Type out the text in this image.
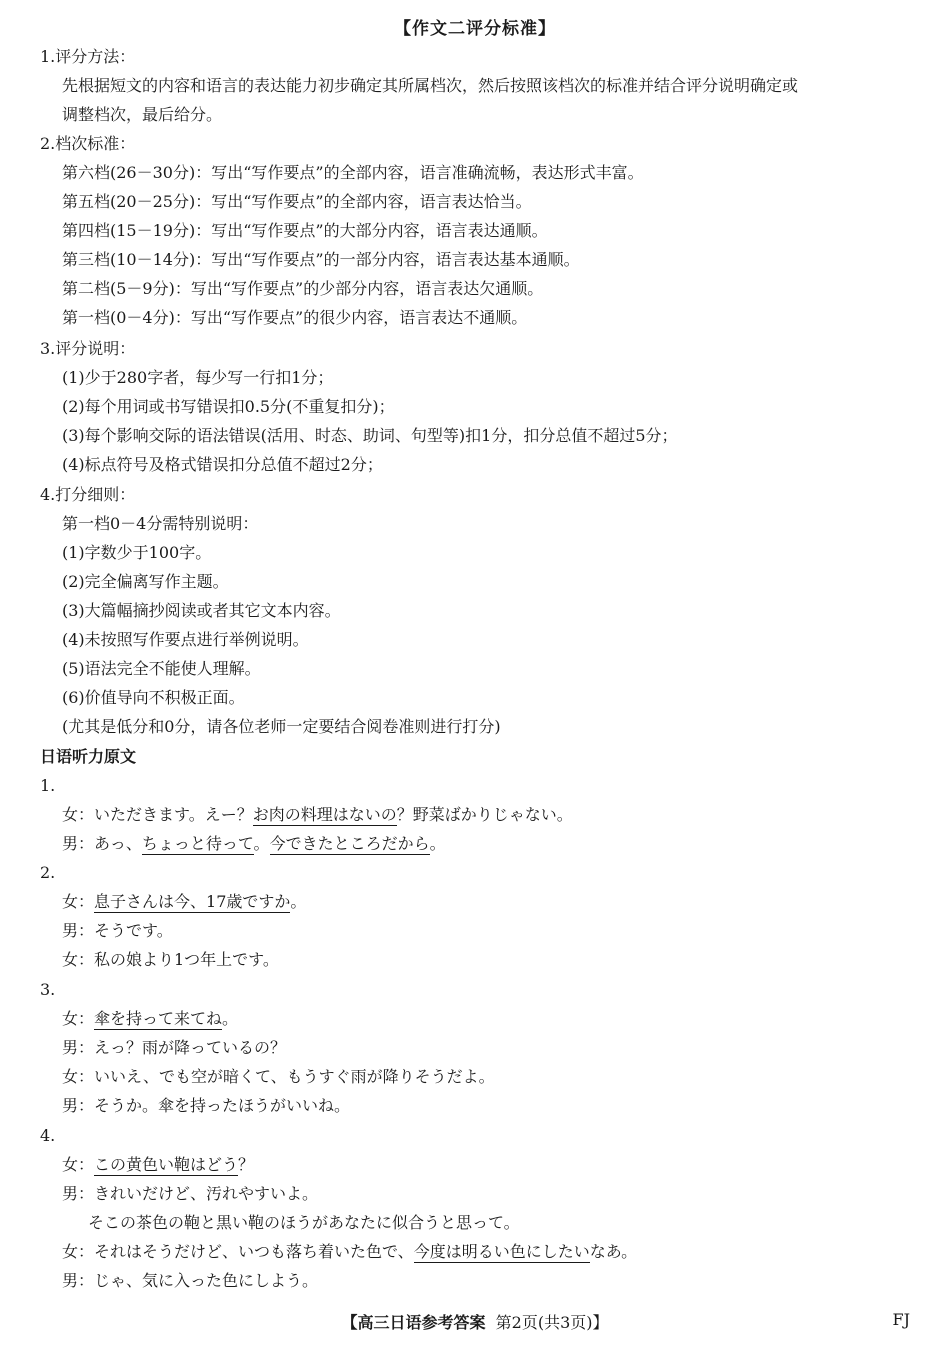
【作文二评分标准】
1.评分方法：
先根据短文的内容和语言的表达能力初步确定其所属档次，然后按照该档次的标准并结合评分说明确定或
调整档次，最后给分。
2.档次标准：
第六档(26－30分)：写出“写作要点”的全部内容，语言准确流畅，表达形式丰富。
第五档(20－25分)：写出“写作要点”的全部内容，语言表达恰当。
第四档(15－19分)：写出“写作要点”的大部分内容，语言表达通顺。
第三档(10－14分)：写出“写作要点”的一部分内容，语言表达基本通顺。
第二档(5－9分)：写出“写作要点”的少部分内容，语言表达欠通顺。
第一档(0－4分)：写出“写作要点”的很少内容，语言表达不通顺。
3.评分说明：
(1)少于280字者，每少写一行扣1分；
(2)每个用词或书写错误扣0.5分(不重复扣分)；
(3)每个影响交际的语法错误(活用、时态、助词、句型等)扣1分，扣分总值不超过5分；
(4)标点符号及格式错误扣分总值不超过2分；
4.打分细则：
第一档0－4分需特别说明：
(1)字数少于100字。
(2)完全偏离写作主题。
(3)大篇幅摘抄阅读或者其它文本内容。
(4)未按照写作要点进行举例说明。
(5)语法完全不能使人理解。
(6)价值导向不积极正面。
(尤其是低分和0分，请各位老师一定要结合阅卷准则进行打分)
日语听力原文
1.
女：いただきます。えー？お肉の料理はないの？野菜ばかりじゃない。
男：あっ、ちょっと待って。今できたところだから。
2.
女：息子さんは今、17歳ですか。
男：そうです。
女：私の娘より1つ年上です。
3.
女：傘を持って来てね。
男：えっ？雨が降っているの？
女：いいえ、でも空が暗くて、もうすぐ雨が降りそうだよ。
男：そうか。傘を持ったほうがいいね。
4.
女：この黄色い鞄はどう？
男：きれいだけど、汚れやすいよ。
そこの茶色の鞄と黒い鞄のほうがあなたに似合うと思って。
女：それはそうだけど、いつも落ち着いた色で、今度は明るい色にしたいなあ。
男：じゃ、気に入った色にしよう。
【高三日语参考答案 第2页(共3页)】	FJ
